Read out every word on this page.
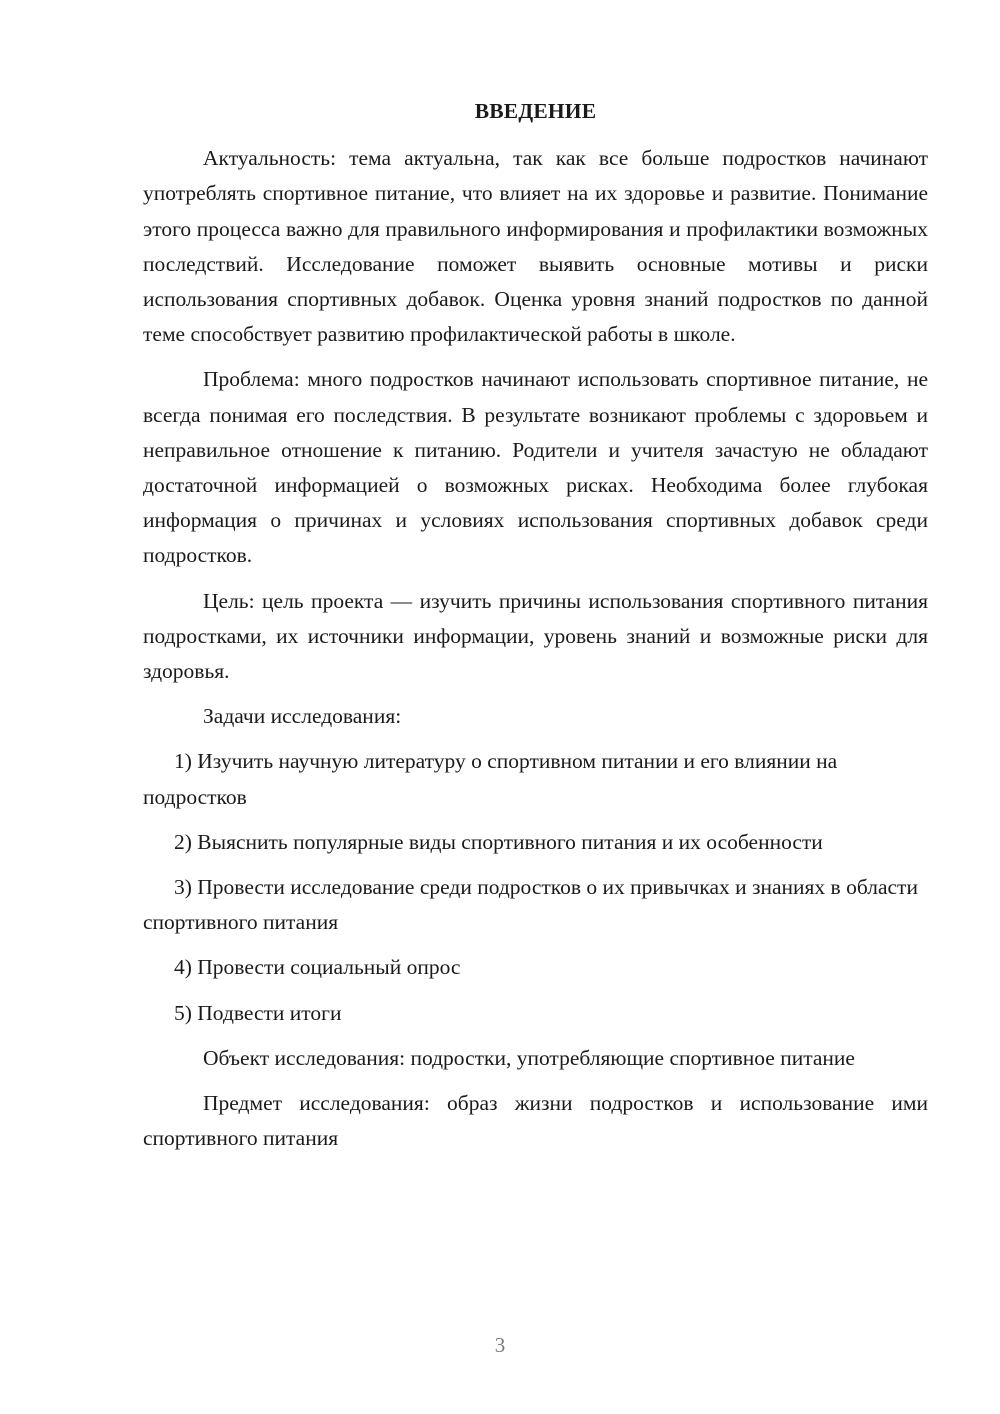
ВВЕДЕНИЕ

Актуальность: тема актуальна, так как все больше подростков начинают употреблять спортивное питание, что влияет на их здоровье и развитие. Понимание этого процесса важно для правильного информирования и профилактики возможных последствий. Исследование поможет выявить основные мотивы и риски использования спортивных добавок. Оценка уровня знаний подростков по данной теме способствует развитию профилактической работы в школе.

Проблема: много подростков начинают использовать спортивное питание, не всегда понимая его последствия. В результате возникают проблемы с здоровьем и неправильное отношение к питанию. Родители и учителя зачастую не обладают достаточной информацией о возможных рисках. Необходима более глубокая информация о причинах и условиях использования спортивных добавок среди подростков.

Цель: цель проекта — изучить причины использования спортивного питания подростками, их источники информации, уровень знаний и возможные риски для здоровья.

Задачи исследования:

1) Изучить научную литературу о спортивном питании и его влиянии на подростков

2) Выяснить популярные виды спортивного питания и их особенности

3) Провести исследование среди подростков о их привычках и знаниях в области спортивного питания

4) Провести социальный опрос

5) Подвести итоги

Объект исследования: подростки, употребляющие спортивное питание

Предмет исследования: образ жизни подростков и использование ими спортивного питания

3
